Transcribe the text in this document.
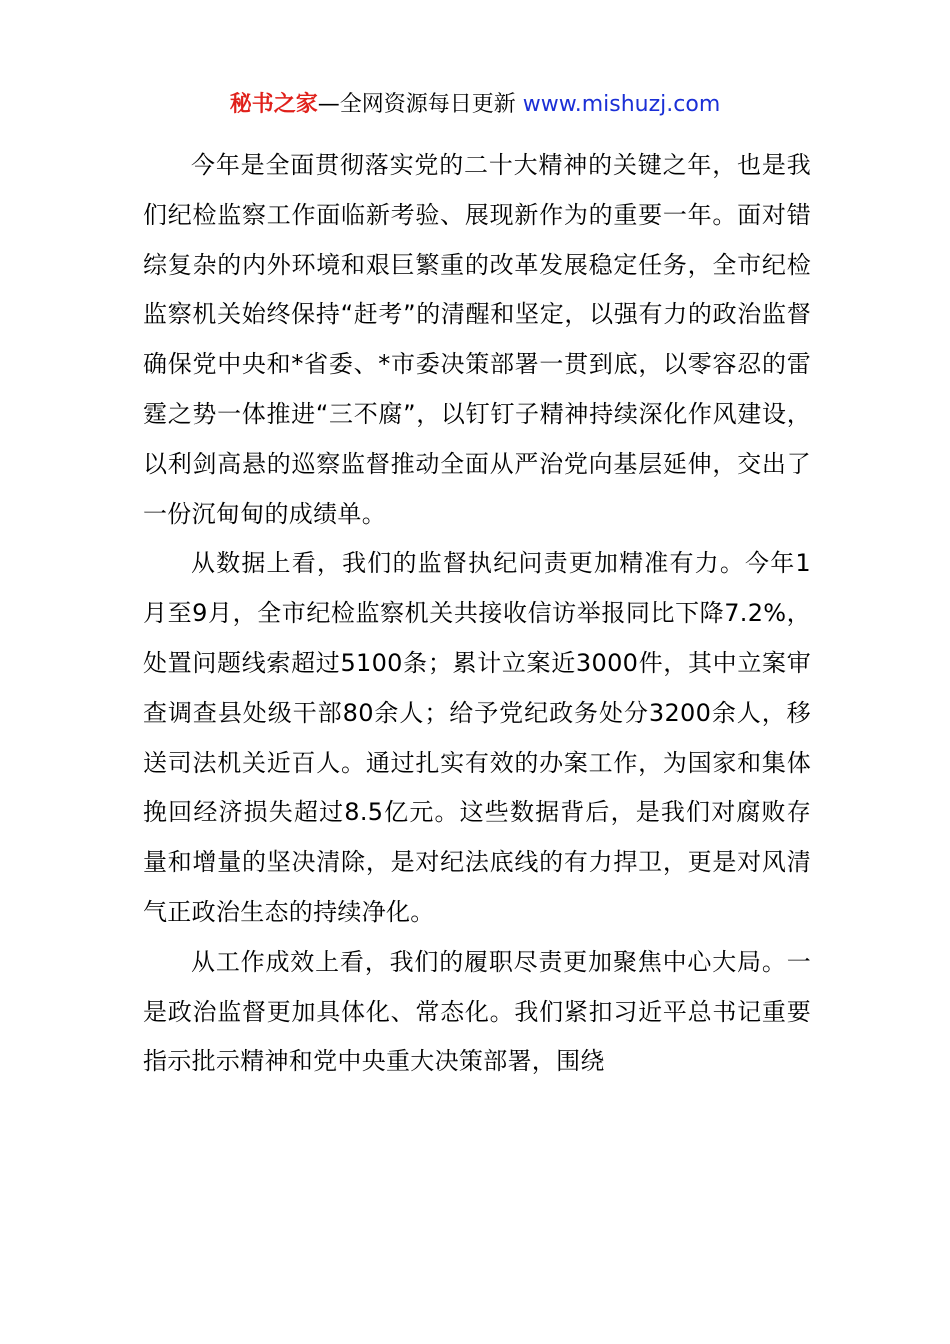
秘书之家—全网资源每日更新 www.mishuzj.com

今年是全面贯彻落实党的二十大精神的关键之年，也是我们纪检监察工作面临新考验、展现新作为的重要一年。面对错综复杂的内外环境和艰巨繁重的改革发展稳定任务，全市纪检监察机关始终保持“赶考”的清醒和坚定，以强有力的政治监督确保党中央和*省委、*市委决策部署一贯到底，以零容忍的雷霆之势一体推进“三不腐”，以钉钉子精神持续深化作风建设，以利剑高悬的巡察监督推动全面从严治党向基层延伸，交出了一份沉甸甸的成绩单。

从数据上看，我们的监督执纪问责更加精准有力。今年1月至9月，全市纪检监察机关共接收信访举报同比下降7.2%，处置问题线索超过5100条；累计立案近3000件，其中立案审查调查县处级干部80余人；给予党纪政务处分3200余人，移送司法机关近百人。通过扎实有效的办案工作，为国家和集体挽回经济损失超过8.5亿元。这些数据背后，是我们对腐败存量和增量的坚决清除，是对纪法底线的有力捍卫，更是对风清气正政治生态的持续净化。

从工作成效上看，我们的履职尽责更加聚焦中心大局。一是政治监督更加具体化、常态化。我们紧扣习近平总书记重要指示批示精神和党中央重大决策部署，围绕
